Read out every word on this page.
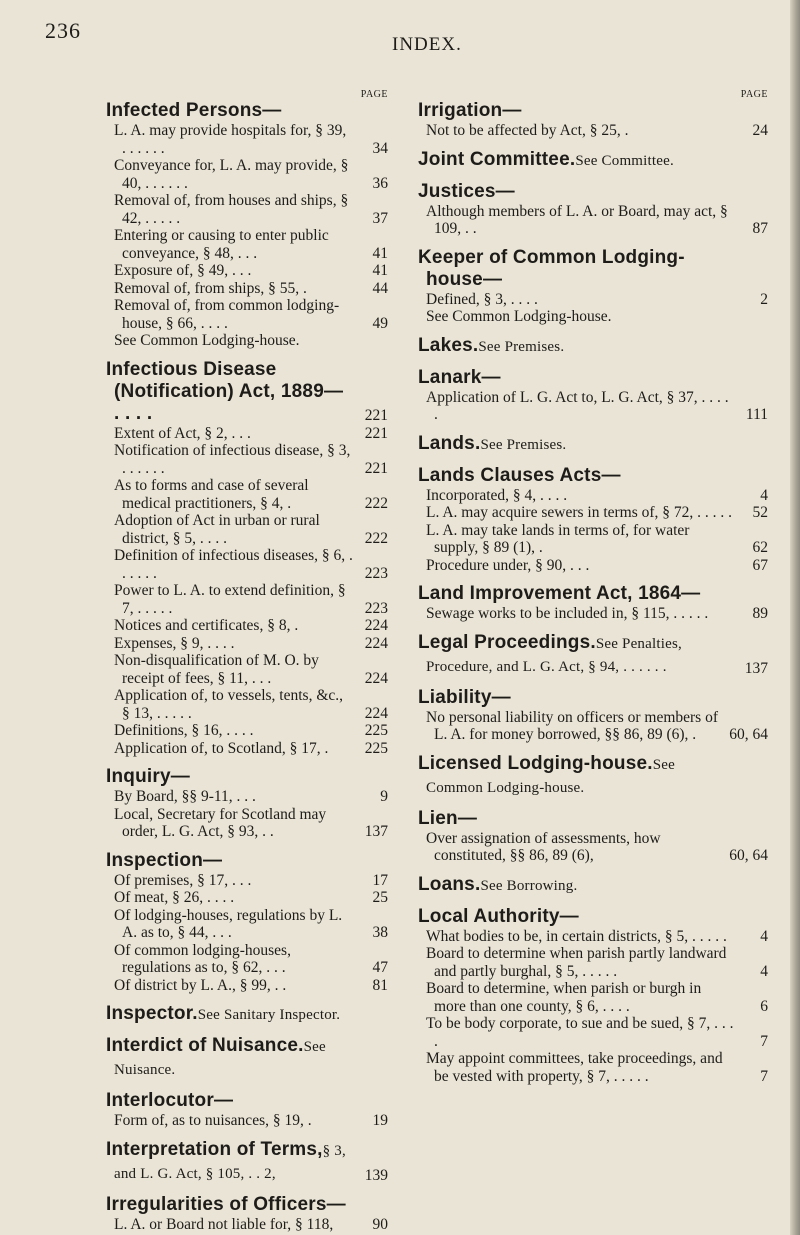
236
INDEX.
PAGE
Infected Persons—
L. A. may provide hospitals for, § 39, . . . . . .	34
Conveyance for, L. A. may provide, § 40, . . . . . .	36
Removal of, from houses and ships, § 42, . . . . .	37
Entering or causing to enter public conveyance, § 48, . . .	41
Exposure of, § 49, . . .	41
Removal of, from ships, § 55, .	44
Removal of, from common lodging-house, § 66, . . . .	49
See Common Lodging-house.
Infectious Disease (Notification) Act, 1889— . . . .	221
Extent of Act, § 2, . . .	221
Notification of infectious disease, § 3, . . . . . .	221
As to forms and case of several medical practitioners, § 4, .	222
Adoption of Act in urban or rural district, § 5, . . . .	222
Definition of infectious diseases, § 6, . . . . . .	223
Power to L. A. to extend definition, § 7, . . . . .	223
Notices and certificates, § 8, .	224
Expenses, § 9, . . . .	224
Non-disqualification of M. O. by receipt of fees, § 11, . . .	224
Application of, to vessels, tents, &c., § 13, . . . . .	224
Definitions, § 16, . . . .	225
Application of, to Scotland, § 17, . 225
Inquiry—
By Board, §§ 9-11, . . .	9
Local, Secretary for Scotland may order, L. G. Act, § 93, . .	137
Inspection—
Of premises, § 17, . . .	17
Of meat, § 26, . . . .	25
Of lodging-houses, regulations by L. A. as to, § 44, . . .	38
Of common lodging-houses, regulations as to, § 62, . . .	47
Of district by L. A., § 99, . .	81
Inspector.See Sanitary Inspector.
Interdict of Nuisance.See Nuisance.
Interlocutor—
Form of, as to nuisances, § 19, .	19
Interpretation of Terms,§ 3, and L. G. Act, § 105, . . 2,	139
Irregularities of Officers—
L. A. or Board not liable for, § 118,	90
PAGE
Irrigation—
Not to be affected by Act, § 25, .	24
Joint Committee.See Committee.
Justices—
Although members of L. A. or Board, may act, § 109, . .	87
Keeper of Common Lodging-house—
Defined, § 3, . . . .	2
See Common Lodging-house.
Lakes.See Premises.
Lanark—
Application of L. G. Act to, L. G. Act, § 37, . . . . .	111
Lands.See Premises.
Lands Clauses Acts—
Incorporated, § 4, . . . .	4
L. A. may acquire sewers in terms of, § 72, . . . . . 52
L. A. may take lands in terms of, for water supply, § 89 (1), .	62
Procedure under, § 90, . . .	67
Land Improvement Act, 1864—
Sewage works to be included in, § 115, . . . . .	89
Legal Proceedings.See Penalties, Procedure, and L. G. Act, § 94, . . . . . .	137
Liability—
No personal liability on officers or members of L. A. for money borrowed, §§ 86, 89 (6), . 60, 64
Licensed Lodging-house.See Common Lodging-house.
Lien—
Over assignation of assessments, how constituted, §§ 86, 89 (6),	60, 64
Loans.See Borrowing.
Local Authority—
What bodies to be, in certain districts, § 5, . . . . . 4
Board to determine when parish partly landward and partly burghal, § 5, . . . . .	4
Board to determine, when parish or burgh in more than one county, § 6, . . . .	6
To be body corporate, to sue and be sued, § 7, . . . .	7
May appoint committees, take proceedings, and be vested with property, § 7, . . . . .	7
